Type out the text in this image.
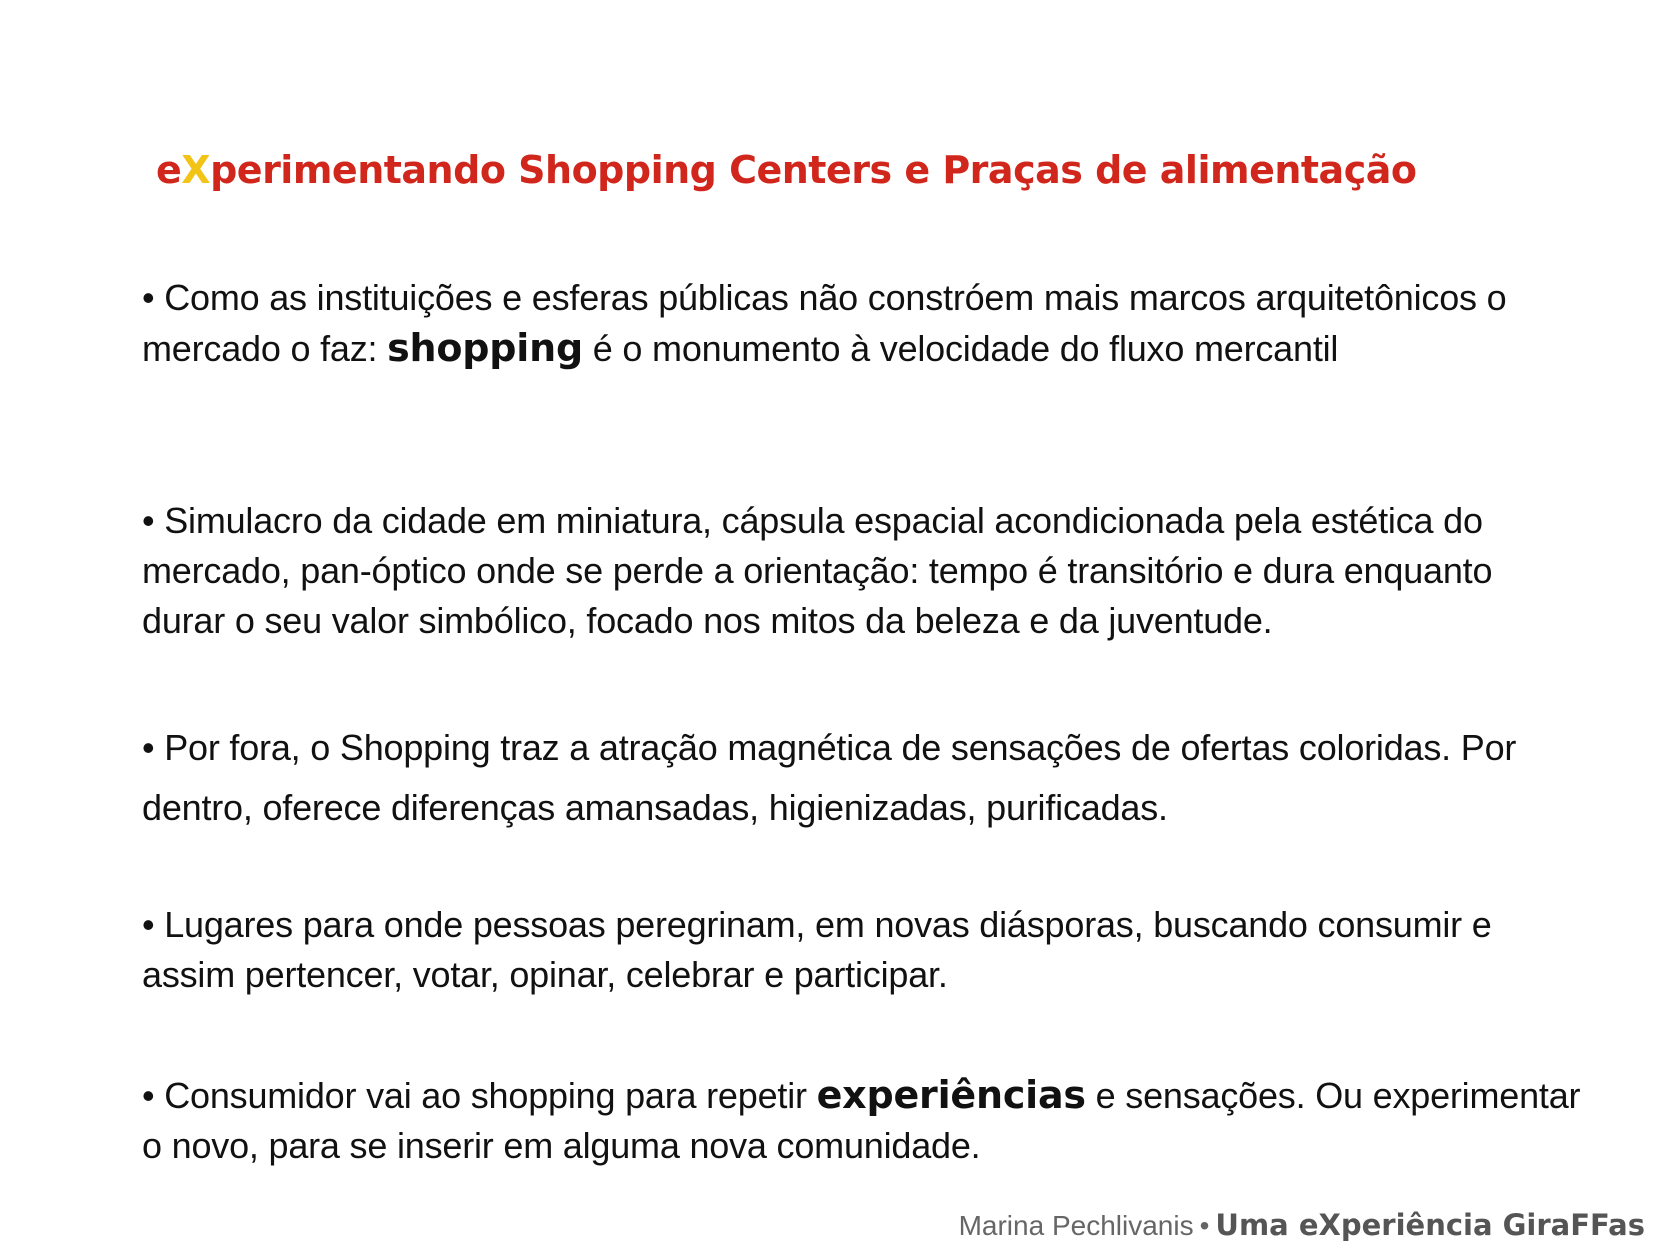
eXperimentando Shopping Centers e Praças de alimentação
• Como as instituições e esferas públicas não constróem mais marcos arquitetônicos o mercado o faz: shopping é o monumento à velocidade do fluxo mercantil
• Simulacro da cidade em miniatura, cápsula espacial acondicionada pela estética do mercado, pan-óptico onde se perde a orientação: tempo é transitório e dura enquanto durar o seu valor simbólico, focado nos mitos da beleza e da juventude.
• Por fora, o Shopping traz a atração magnética de sensações de ofertas coloridas. Por dentro, oferece diferenças amansadas, higienizadas, purificadas.
• Lugares para onde pessoas peregrinam, em novas diásporas, buscando consumir e assim pertencer, votar, opinar, celebrar e participar.
• Consumidor vai ao shopping para repetir experiências e sensações. Ou experimentar o novo, para se inserir em alguma nova comunidade.
Marina Pechlivanis • Uma eXperiência GiraFFas
